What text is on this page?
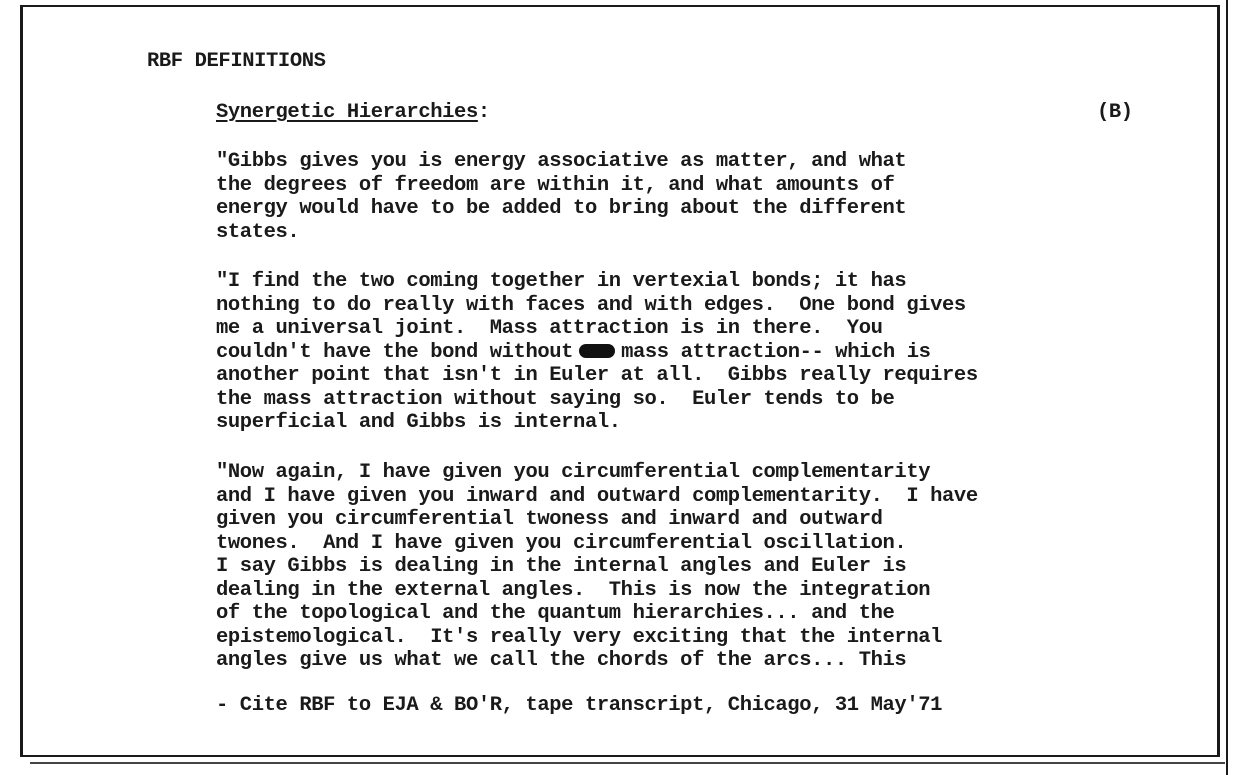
RBF DEFINITIONS
Synergetic Hierarchies:	(B)
"Gibbs gives you is energy associative as matter, and what
the degrees of freedom are within it, and what amounts of
energy would have to be added to bring about the different
states.
"I find the two coming together in vertexial bonds; it has
nothing to do really with faces and with edges.  One bond gives
me a universal joint.  Mass attraction is in there.  You
couldn't have the bond without mass attraction-- which is
another point that isn't in Euler at all.  Gibbs really requires
the mass attraction without saying so.  Euler tends to be
superficial and Gibbs is internal.
"Now again, I have given you circumferential complementarity
and I have given you inward and outward complementarity.  I have
given you circumferential twoness and inward and outward
twones.  And I have given you circumferential oscillation.
I say Gibbs is dealing in the internal angles and Euler is
dealing in the external angles.  This is now the integration
of the topological and the quantum hierarchies... and the
epistemological.  It's really very exciting that the internal
angles give us what we call the chords of the arcs... This
- Cite RBF to EJA & BO'R, tape transcript, Chicago, 31 May'71
